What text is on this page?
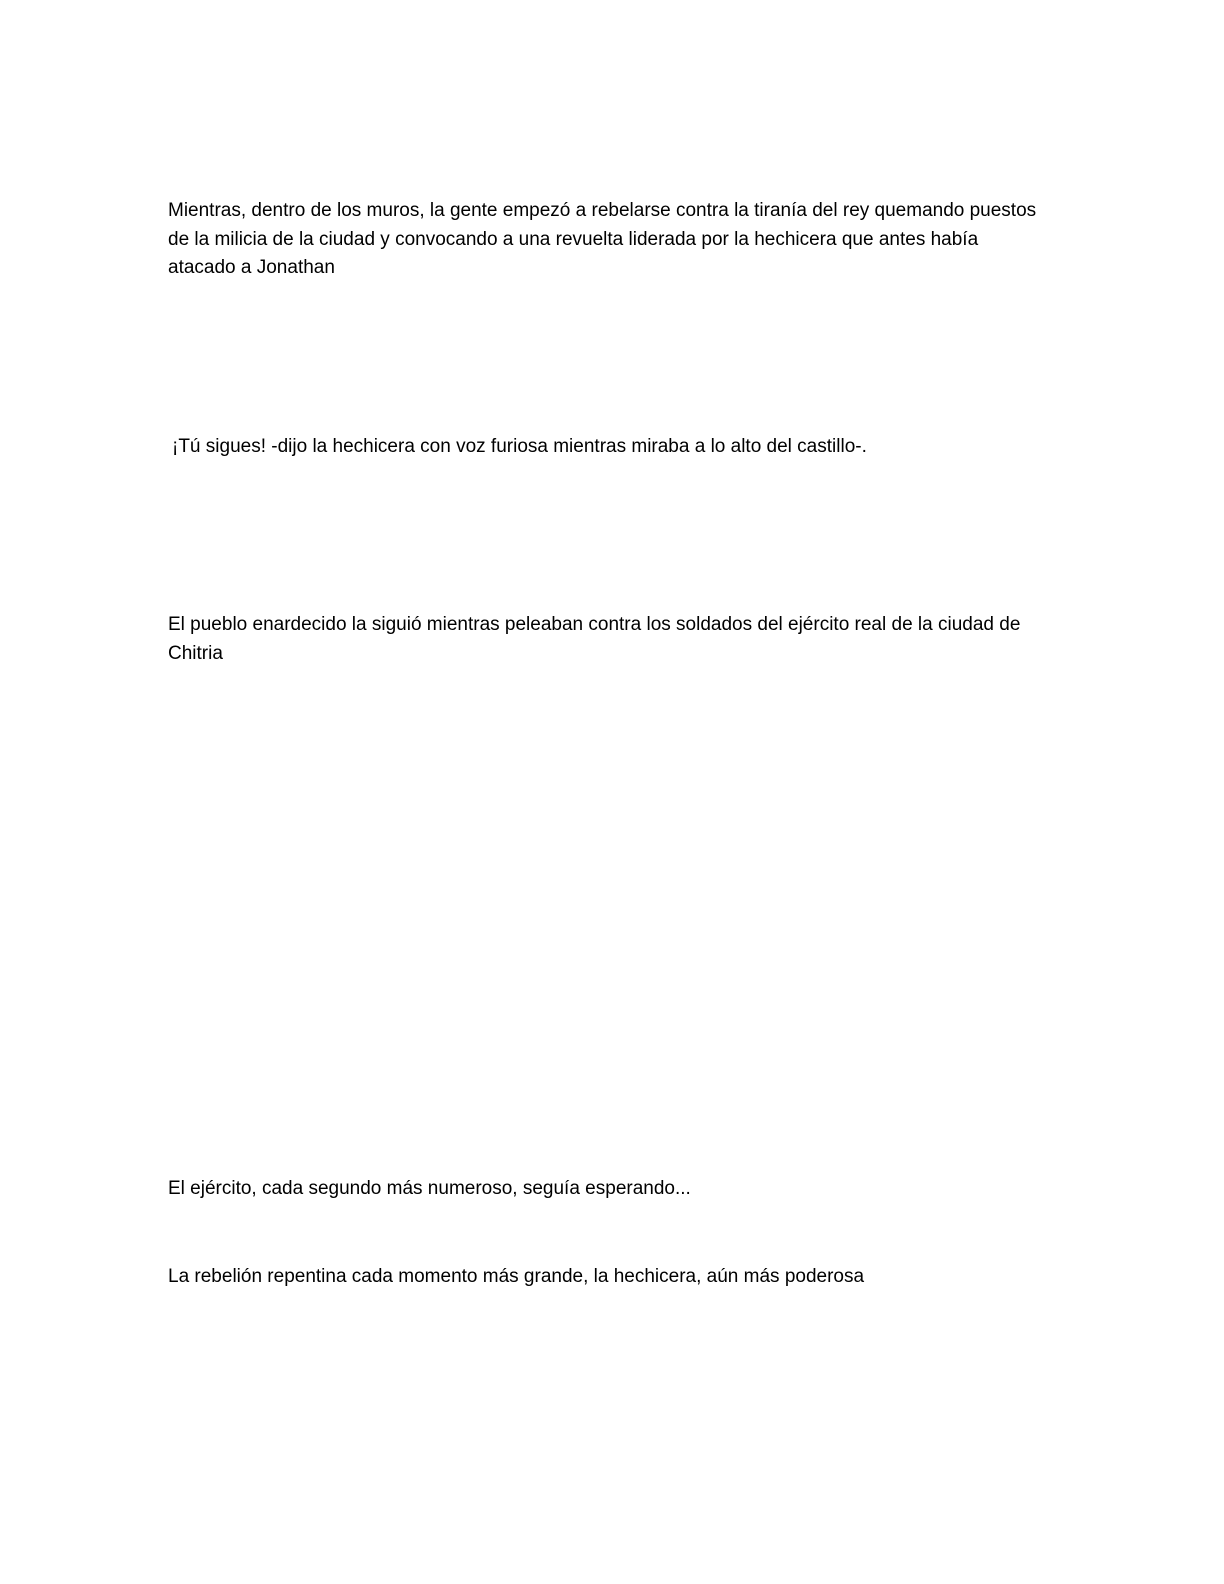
Mientras, dentro de los muros, la gente empezó a rebelarse contra la tiranía del rey quemando puestos de la milicia de la ciudad y convocando a una revuelta liderada por la hechicera que antes había atacado a Jonathan

¡Tú sigues! -dijo la hechicera con voz furiosa mientras miraba a lo alto del castillo-.

El pueblo enardecido la siguió mientras peleaban contra los soldados del ejército real de la ciudad de Chitria

El ejército, cada segundo más numeroso, seguía esperando...

La rebelión repentina cada momento más grande, la hechicera, aún más poderosa
